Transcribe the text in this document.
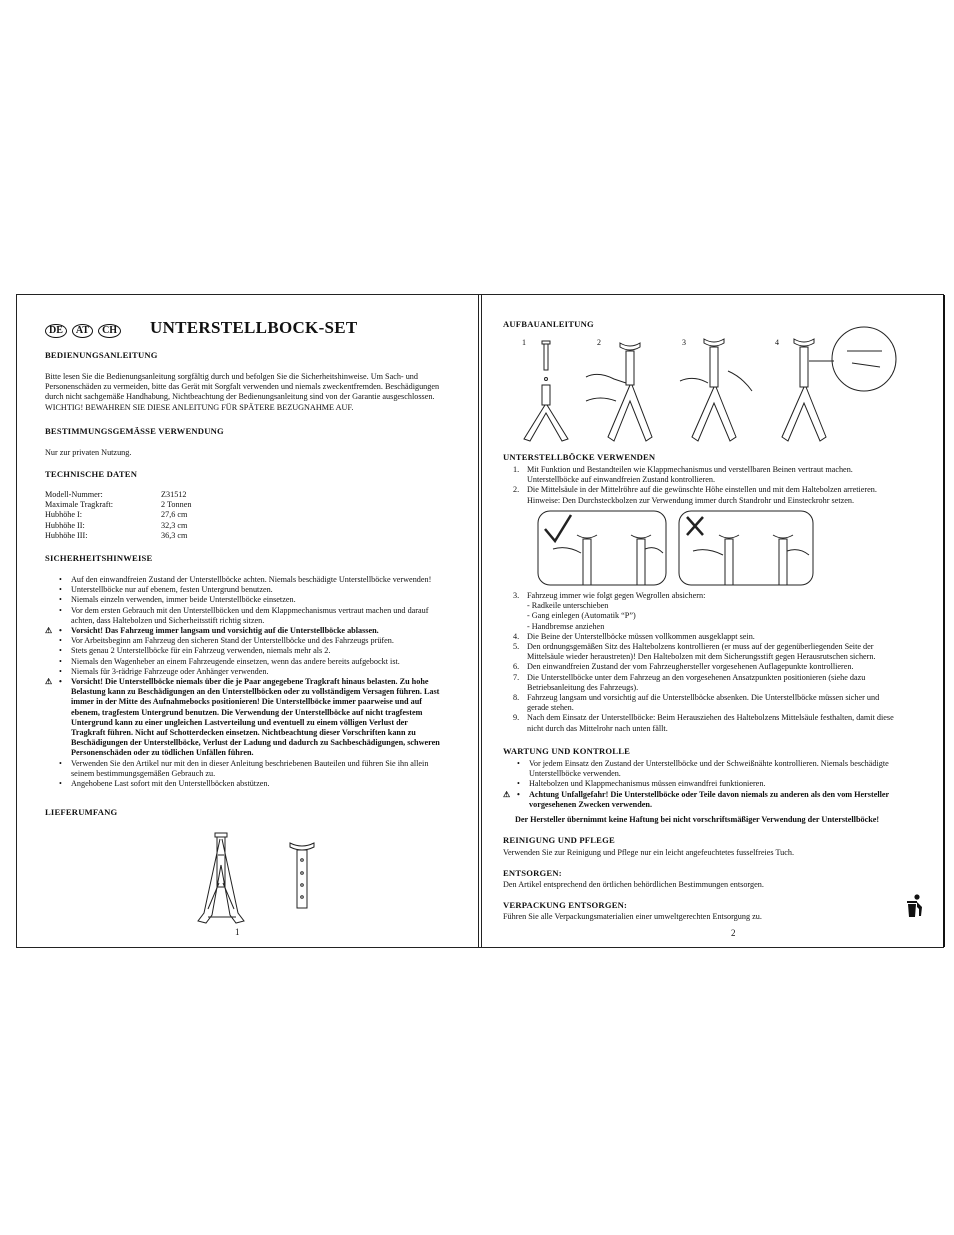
DE AT CH UNTERSTELLBOCK-SET
BEDIENUNGSANLEITUNG
Bitte lesen Sie die Bedienungsanleitung sorgfältig durch und befolgen Sie die Sicherheitshinweise. Um Sach- und
Personenschäden zu vermeiden, bitte das Gerät mit Sorgfalt verwenden und niemals zweckentfremden. Beschädigungen
durch nicht sachgemäße Handhabung, Nichtbeachtung der Bedienungsanleitung sind von der Garantie ausgeschlossen.
WICHTIG! BEWAHREN SIE DIESE ANLEITUNG FÜR SPÄTERE BEZUGNAHME AUF.
BESTIMMUNGSGEMÄSSE VERWENDUNG
Nur zur privaten Nutzung.
TECHNISCHE DATEN
Modell-Nummer:	Z31512
Maximale Tragkraft:	2 Tonnen
Hubhöhe I:	27,6 cm
Hubhöhe II:	32,3 cm
Hubhöhe III:	36,3 cm
SICHERHEITSHINWEISE
• Auf den einwandfreien Zustand der Unterstellböcke achten. Niemals beschädigte Unterstellböcke verwenden!
• Unterstellböcke nur auf ebenem, festen Untergrund benutzen.
• Niemals einzeln verwenden, immer beide Unterstellböcke einsetzen.
• Vor dem ersten Gebrauch mit den Unterstellböcken und dem Klappmechanismus vertraut machen und darauf
achten, dass Haltebolzen und Sicherheitsstift richtig sitzen.
•
⚠ Vorsicht! Das Fahrzeug immer langsam und vorsichtig auf die Unterstellböcke ablassen.
• Vor Arbeitsbeginn am Fahrzeug den sicheren Stand der Unterstellböcke und des Fahrzeugs prüfen.
• Stets genau 2 Unterstellböcke für ein Fahrzeug verwenden, niemals mehr als 2.
• Niemals den Wagenheber an einem Fahrzeugende einsetzen, wenn das andere bereits aufgebockt ist.
• Niemals für 3-rädrige Fahrzeuge oder Anhänger verwenden.
•
⚠ Vorsicht! Die Unterstellböcke niemals über die je Paar angegebene Tragkraft hinaus belasten. Zu hohe
Belastung kann zu Beschädigungen an den Unterstellböcken oder zu vollständigem Versagen führen. Last
immer in der Mitte des Aufnahmebocks positionieren! Die Unterstellböcke immer paarweise und auf
ebenem, tragfestem Untergrund benutzen. Die Verwendung der Unterstellböcke auf nicht tragfestem
Untergrund kann zu einer ungleichen Lastverteilung und eventuell zu einem völligen Verlust der
Tragkraft führen. Nicht auf Schotterdecken einsetzen. Nichtbeachtung dieser Vorschriften kann zu
Beschädigungen der Unterstellböcke, Verlust der Ladung und dadurch zu Sachbeschädigungen, schweren
Personenschäden oder zu tödlichen Unfällen führen.
• Verwenden Sie den Artikel nur mit den in dieser Anleitung beschriebenen Bauteilen und führen Sie ihn allein
seinem bestimmungsgemäßen Gebrauch zu.
• Angehobene Last sofort mit den Unterstellböcken abstützen.
LIEFERUMFANG
1
AUFBAUANLEITUNG
1	2	3	4
UNTERSTELLBÖCKE VERWENDEN
1. Mit Funktion und Bestandteilen wie Klappmechanismus und verstellbaren Beinen vertraut machen.
Unterstellböcke auf einwandfreien Zustand kontrollieren.
2. Die Mittelsäule in der Mittelröhre auf die gewünschte Höhe einstellen und mit dem Haltebolzen arretieren.
Hinweise: Den Durchsteckbolzen zur Verwendung immer durch Standrohr und Einsteckrohr setzen.
3. Fahrzeug immer wie folgt gegen Wegrollen absichern:
- Radkeile unterschieben
- Gang einlegen (Automatik “P”)
- Handbremse anziehen
4. Die Beine der Unterstellböcke müssen vollkommen ausgeklappt sein.
5. Den ordnungsgemäßen Sitz des Haltebolzens kontrollieren (er muss auf der gegenüberliegenden Seite der
Mittelsäule wieder heraustreten)! Den Haltebolzen mit dem Sicherungsstift gegen Herausrutschen sichern.
6. Den einwandfreien Zustand der vom Fahrzeughersteller vorgesehenen Auflagepunkte kontrollieren.
7. Die Unterstellböcke unter dem Fahrzeug an den vorgesehenen Ansatzpunkten positionieren (siehe dazu
Betriebsanleitung des Fahrzeugs).
8. Fahrzeug langsam und vorsichtig auf die Unterstellböcke absenken. Die Unterstellböcke müssen sicher und
gerade stehen.
9. Nach dem Einsatz der Unterstellböcke: Beim Herausziehen des Haltebolzens Mittelsäule festhalten, damit diese
nicht durch das Mittelrohr nach unten fällt.
WARTUNG UND KONTROLLE
• Vor jedem Einsatz den Zustand der Unterstellböcke und der Schweißnähte kontrollieren. Niemals beschädigte
Unterstellböcke verwenden.
• Haltebolzen und Klappmechanismus müssen einwandfrei funktionieren.
•
⚠ Achtung Unfallgefahr! Die Unterstellböcke oder Teile davon niemals zu anderen als den vom Hersteller
vorgesehenen Zwecken verwenden.
Der Hersteller übernimmt keine Haftung bei nicht vorschriftsmäßiger Verwendung der Unterstellböcke!
REINIGUNG UND PFLEGE
Verwenden Sie zur Reinigung und Pflege nur ein leicht angefeuchtetes fusselfreies Tuch.
ENTSORGEN:
Den Artikel entsprechend den örtlichen behördlichen Bestimmungen entsorgen.
VERPACKUNG ENTSORGEN:
Führen Sie alle Verpackungsmaterialien einer umweltgerechten Entsorgung zu.
2
